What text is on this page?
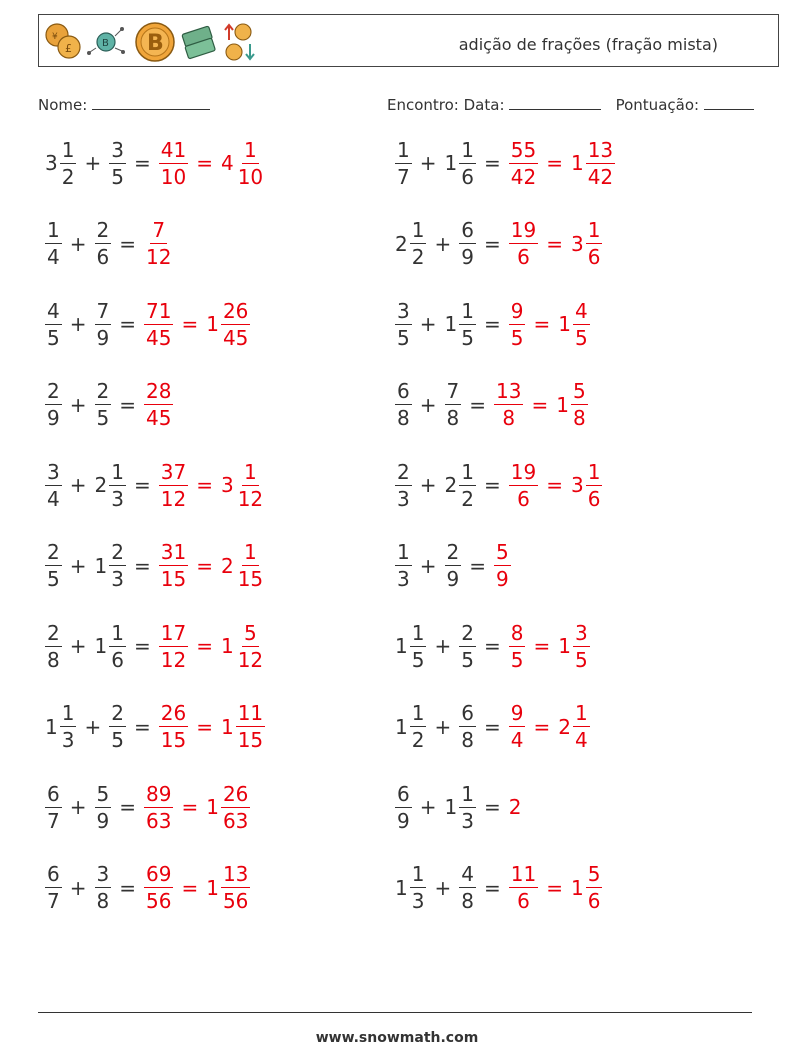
£
¥
B B	adição de frações (fração mista)
Nome:	Encontro: Data:	Pontuação:
$3 \frac{1}{2} + \frac{3}{5} = \frac{41}{10} = 4 \frac{1}{10}$	$\frac{1}{7} + 1 \frac{1}{6} = \frac{55}{42} = 1 \frac{13}{42}$
$\frac{1}{4} + \frac{2}{6} = \frac{7}{12}$	$2 \frac{1}{2} + \frac{6}{9} = \frac{19}{6} = 3 \frac{1}{6}$
$\frac{4}{5} + \frac{7}{9} = \frac{71}{45} = 1 \frac{26}{45}$	$\frac{3}{5} + 1 \frac{1}{5} = \frac{9}{5} = 1 \frac{4}{5}$
$\frac{2}{9} + \frac{2}{5} = \frac{28}{45}$	$\frac{6}{8} + \frac{7}{8} = \frac{13}{8} = 1 \frac{5}{8}$
$\frac{3}{4} + 2 \frac{1}{3} = \frac{37}{12} = 3 \frac{1}{12}$	$\frac{2}{3} + 2 \frac{1}{2} = \frac{19}{6} = 3 \frac{1}{6}$
$\frac{2}{5} + 1 \frac{2}{3} = \frac{31}{15} = 2 \frac{1}{15}$	$\frac{1}{3} + \frac{2}{9} = \frac{5}{9}$
$\frac{2}{8} + 1 \frac{1}{6} = \frac{17}{12} = 1 \frac{5}{12}$	$1 \frac{1}{5} + \frac{2}{5} = \frac{8}{5} = 1 \frac{3}{5}$
$1 \frac{1}{3} + \frac{2}{5} = \frac{26}{15} = 1 \frac{11}{15}$	$1 \frac{1}{2} + \frac{6}{8} = \frac{9}{4} = 2 \frac{1}{4}$
$\frac{6}{7} + \frac{5}{9} = \frac{89}{63} = 1 \frac{26}{63}$	$\frac{6}{9} + 1 \frac{1}{3} = 2$
$\frac{6}{7} + \frac{3}{8} = \frac{69}{56} = 1 \frac{13}{56}$	$1 \frac{1}{3} + \frac{4}{8} = \frac{11}{6} = 1 \frac{5}{6}$
www.snowmath.com
